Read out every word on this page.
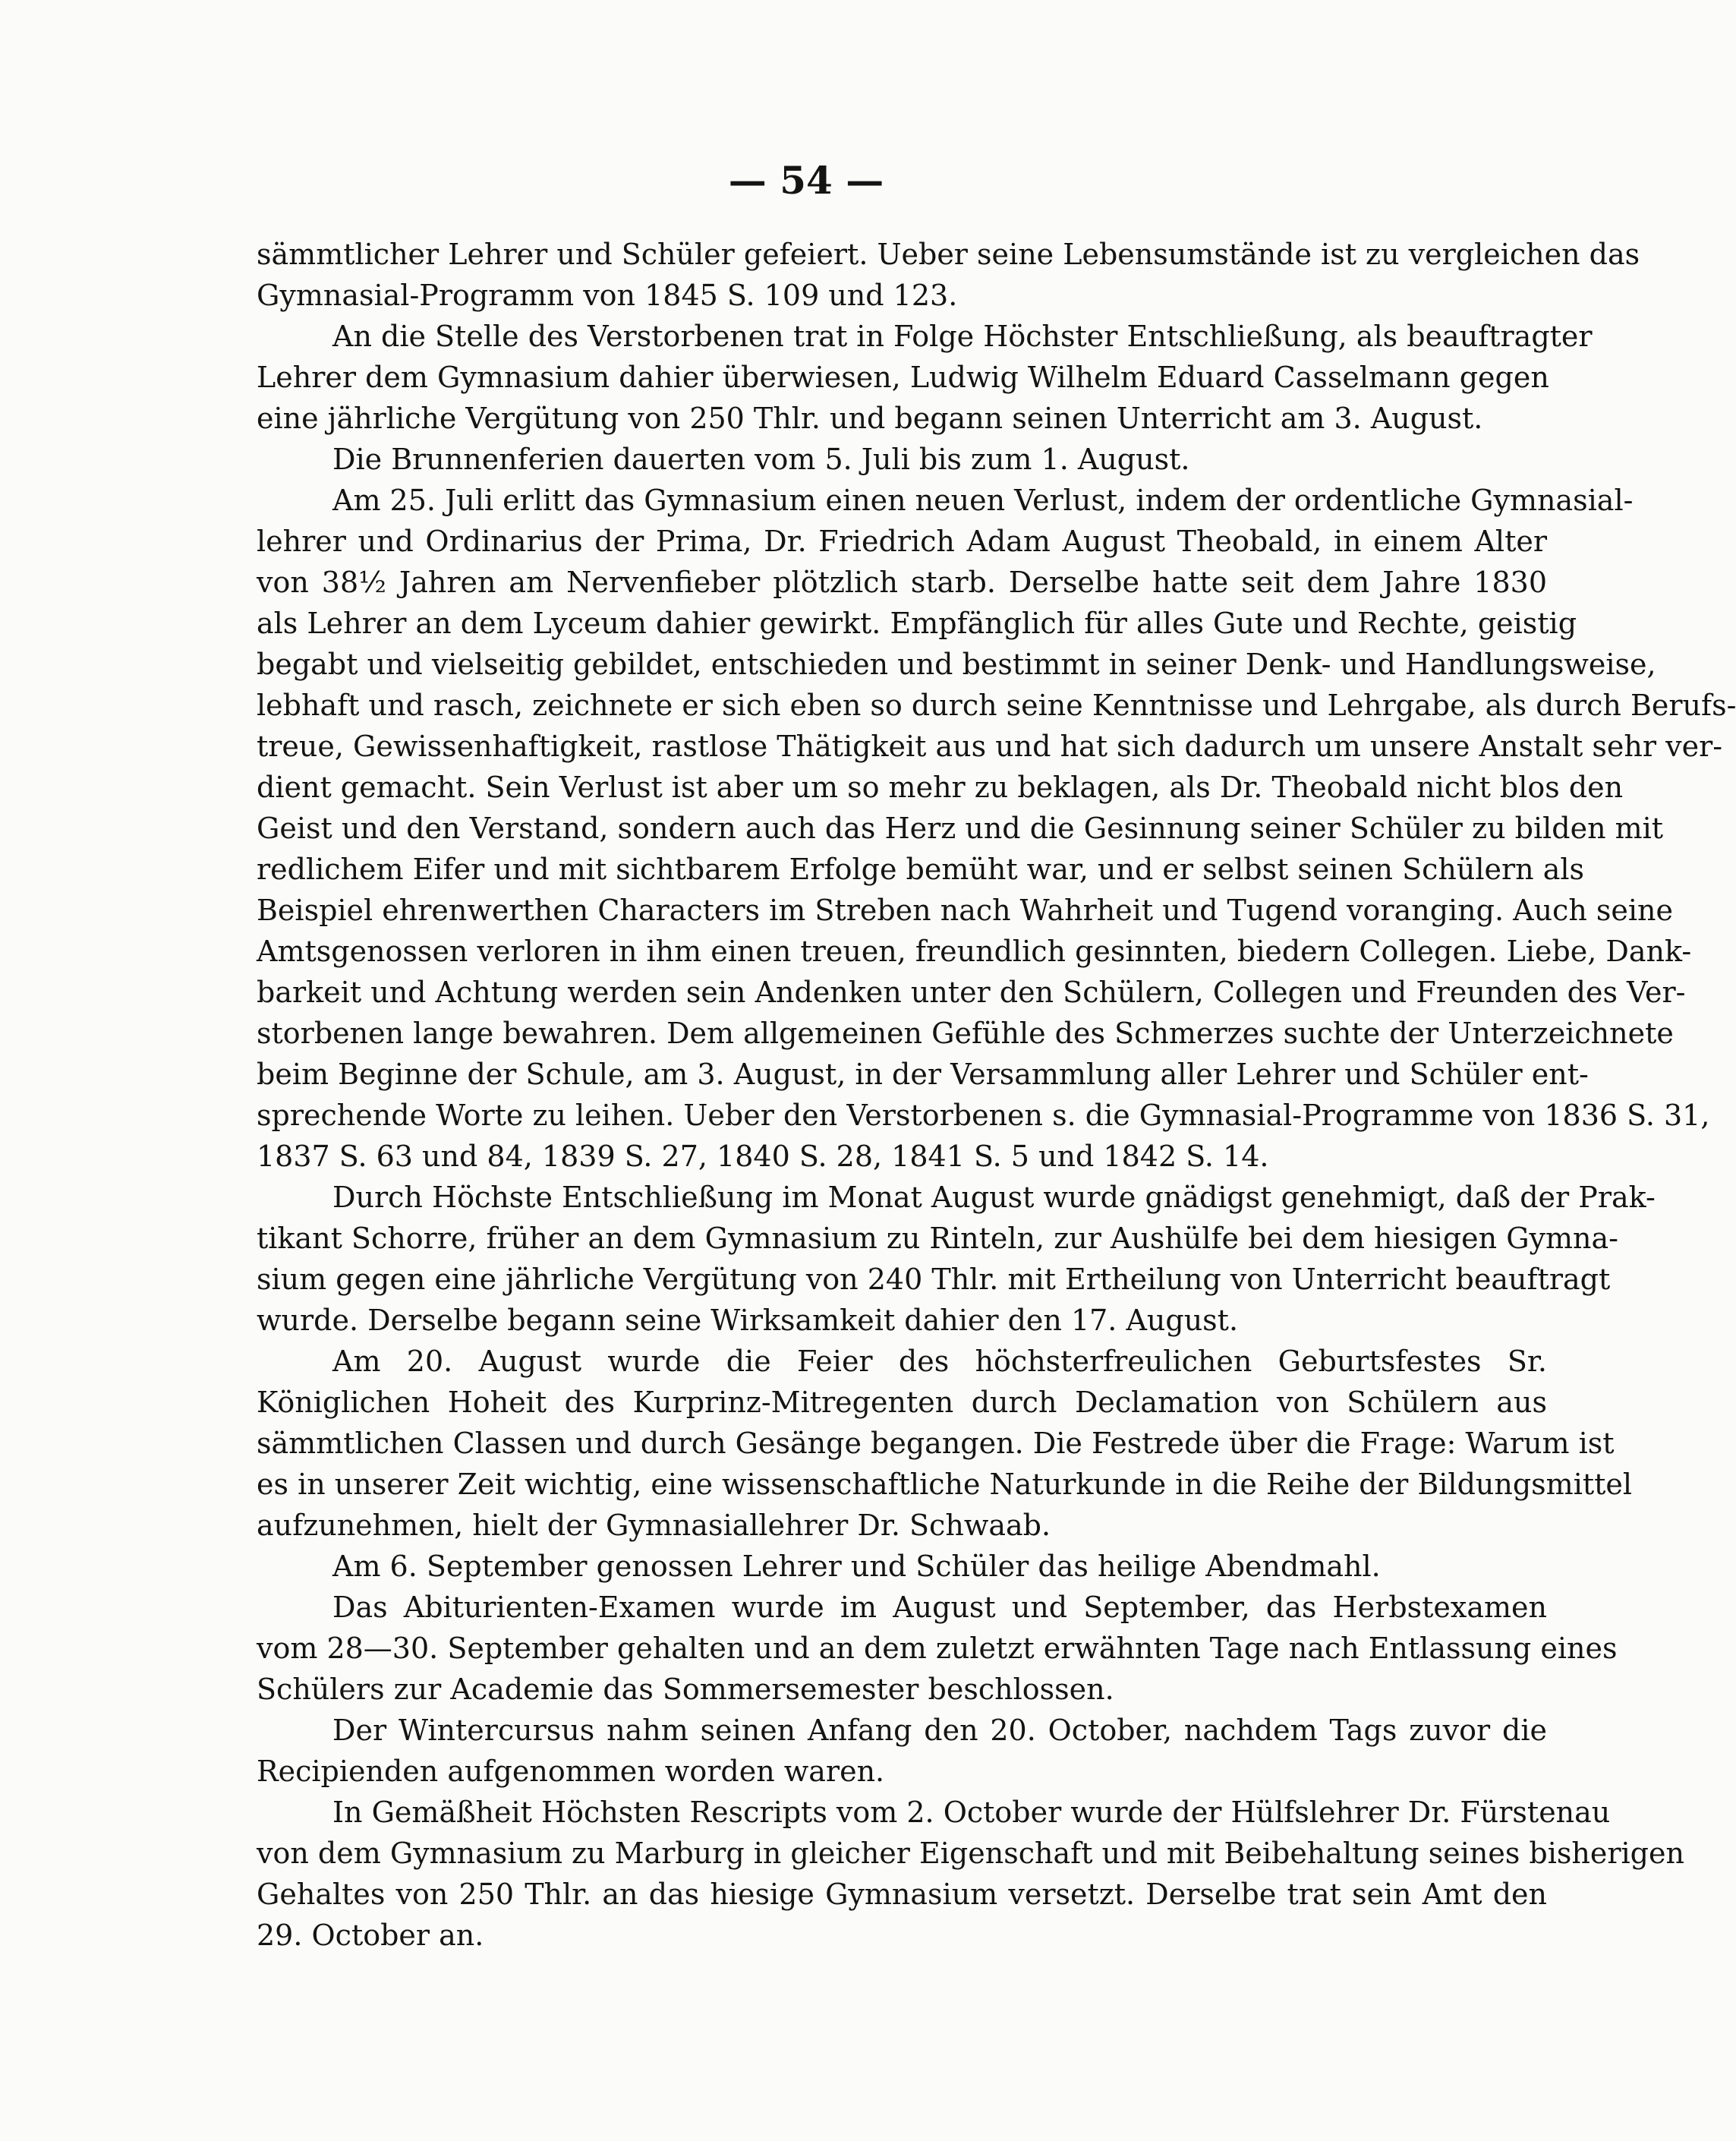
— 54 —
sämmtlicher Lehrer und Schüler gefeiert. Ueber seine Lebensumstände ist zu vergleichen das
Gymnasial-Programm von 1845 S. 109 und 123.
An die Stelle des Verstorbenen trat in Folge Höchster Entschließung, als beauftragter
Lehrer dem Gymnasium dahier überwiesen, Ludwig Wilhelm Eduard Casselmann gegen
eine jährliche Vergütung von 250 Thlr. und begann seinen Unterricht am 3. August.
Die Brunnenferien dauerten vom 5. Juli bis zum 1. August.
Am 25. Juli erlitt das Gymnasium einen neuen Verlust, indem der ordentliche Gymnasial-
lehrer und Ordinarius der Prima, Dr. Friedrich Adam August Theobald, in einem Alter
von 38½ Jahren am Nervenfieber plötzlich starb. Derselbe hatte seit dem Jahre 1830
als Lehrer an dem Lyceum dahier gewirkt. Empfänglich für alles Gute und Rechte, geistig
begabt und vielseitig gebildet, entschieden und bestimmt in seiner Denk- und Handlungsweise,
lebhaft und rasch, zeichnete er sich eben so durch seine Kenntnisse und Lehrgabe, als durch Berufs-
treue, Gewissenhaftigkeit, rastlose Thätigkeit aus und hat sich dadurch um unsere Anstalt sehr ver-
dient gemacht. Sein Verlust ist aber um so mehr zu beklagen, als Dr. Theobald nicht blos den
Geist und den Verstand, sondern auch das Herz und die Gesinnung seiner Schüler zu bilden mit
redlichem Eifer und mit sichtbarem Erfolge bemüht war, und er selbst seinen Schülern als
Beispiel ehrenwerthen Characters im Streben nach Wahrheit und Tugend voranging. Auch seine
Amtsgenossen verloren in ihm einen treuen, freundlich gesinnten, biedern Collegen. Liebe, Dank-
barkeit und Achtung werden sein Andenken unter den Schülern, Collegen und Freunden des Ver-
storbenen lange bewahren. Dem allgemeinen Gefühle des Schmerzes suchte der Unterzeichnete
beim Beginne der Schule, am 3. August, in der Versammlung aller Lehrer und Schüler ent-
sprechende Worte zu leihen. Ueber den Verstorbenen s. die Gymnasial-Programme von 1836 S. 31,
1837 S. 63 und 84, 1839 S. 27, 1840 S. 28, 1841 S. 5 und 1842 S. 14.
Durch Höchste Entschließung im Monat August wurde gnädigst genehmigt, daß der Prak-
tikant Schorre, früher an dem Gymnasium zu Rinteln, zur Aushülfe bei dem hiesigen Gymna-
sium gegen eine jährliche Vergütung von 240 Thlr. mit Ertheilung von Unterricht beauftragt
wurde. Derselbe begann seine Wirksamkeit dahier den 17. August.
Am 20. August wurde die Feier des höchsterfreulichen Geburtsfestes Sr.
Königlichen Hoheit des Kurprinz-Mitregenten durch Declamation von Schülern aus
sämmtlichen Classen und durch Gesänge begangen. Die Festrede über die Frage: Warum ist
es in unserer Zeit wichtig, eine wissenschaftliche Naturkunde in die Reihe der Bildungsmittel
aufzunehmen, hielt der Gymnasiallehrer Dr. Schwaab.
Am 6. September genossen Lehrer und Schüler das heilige Abendmahl.
Das Abiturienten-Examen wurde im August und September, das Herbstexamen
vom 28—30. September gehalten und an dem zuletzt erwähnten Tage nach Entlassung eines
Schülers zur Academie das Sommersemester beschlossen.
Der Wintercursus nahm seinen Anfang den 20. October, nachdem Tags zuvor die
Recipienden aufgenommen worden waren.
In Gemäßheit Höchsten Rescripts vom 2. October wurde der Hülfslehrer Dr. Fürstenau
von dem Gymnasium zu Marburg in gleicher Eigenschaft und mit Beibehaltung seines bisherigen
Gehaltes von 250 Thlr. an das hiesige Gymnasium versetzt. Derselbe trat sein Amt den
29. October an.
